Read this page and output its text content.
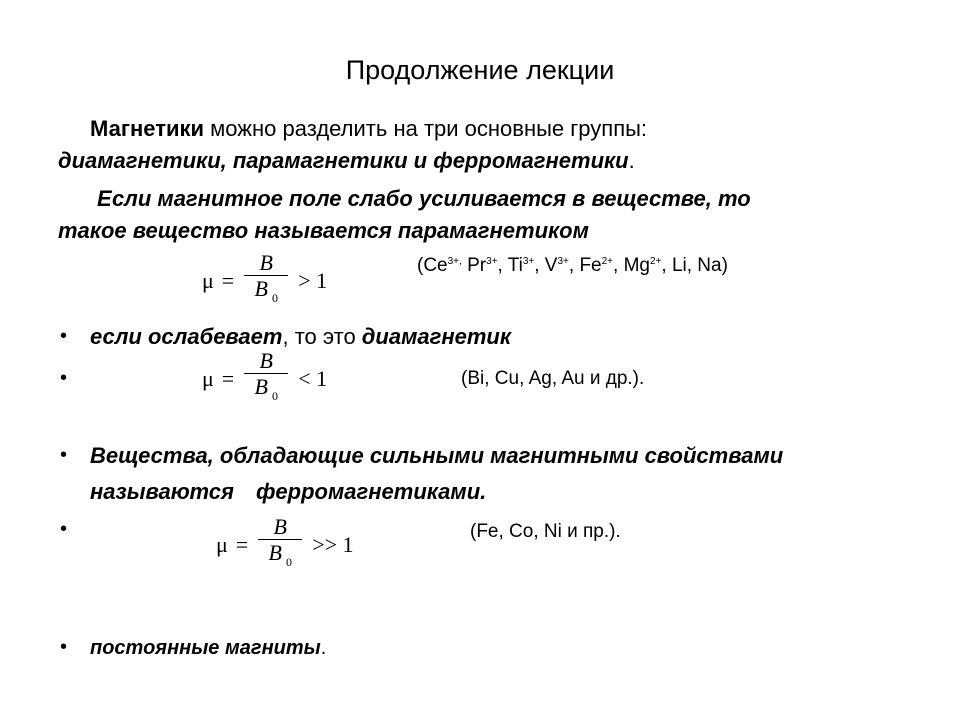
Продолжение лекции
Магнетики можно разделить на три основные группы:
диамагнетики, парамагнетики и ферромагнетики.
Если магнитное поле слабо усиливается в веществе, то
такое вещество называется парамагнетиком
$\mu = \frac{B}{B _0} > 1$
($Ce^{3+,}$ $Pr^{3+}$, $Ti^{3+}$, $V^{3+}$, $Fe^{2+}$, $Mg^{2+}$, Li, Na)
• если ослабевает, то это диамагнетик
•	$\mu = \frac{B}{B _0} < 1$	(Bi, Cu, Ag, Au и др.).
• Вещества, обладающие сильными магнитными свойствами
называются ферромагнетиками.
•
$\mu = \frac{B}{B _0} >> 1$
(Fe, Co, Ni и пр.).
• постоянные магниты.
